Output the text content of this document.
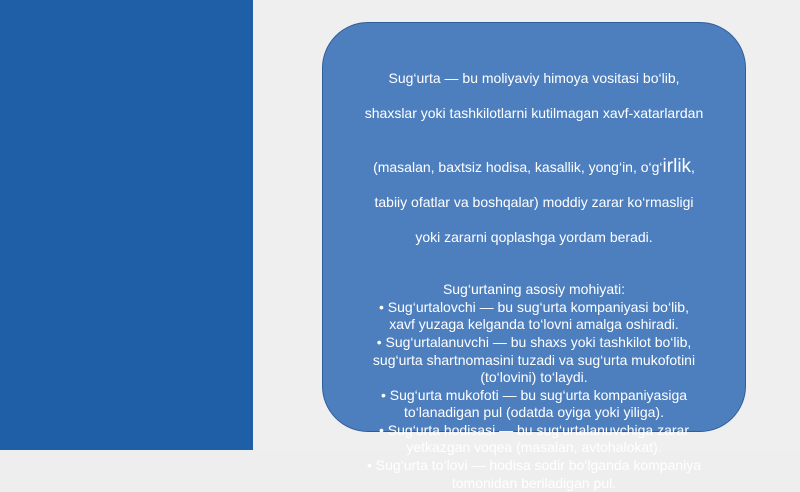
Sug‘urta — bu moliyaviy himoya vositasi bo‘lib,

shaxslar yoki tashkilotlarni kutilmagan xavf-xatarlardan

(masalan, baxtsiz hodisa, kasallik, yong‘in, o‘g‘irlik,

tabiiy ofatlar va boshqalar) moddiy zarar ko‘rmasligi

yoki zararni qoplashga yordam beradi.

Sug‘urtaning asosiy mohiyati:
• Sug‘urtalovchi — bu sug‘urta kompaniyasi bo‘lib,
xavf yuzaga kelganda to‘lovni amalga oshiradi.
• Sug‘urtalanuvchi — bu shaxs yoki tashkilot bo‘lib,
sug‘urta shartnomasini tuzadi va sug‘urta mukofotini
(to‘lovini) to‘laydi.
• Sug‘urta mukofoti — bu sug‘urta kompaniyasiga
to‘lanadigan pul (odatda oyiga yoki yiliga).
• Sug‘urta hodisasi — bu sug‘urtalanuvchiga zarar
yetkazgan voqea (masalan, avtohalokat).
• Sug‘urta to‘lovi — hodisa sodir bo‘lganda kompaniya
tomonidan beriladigan pul.
